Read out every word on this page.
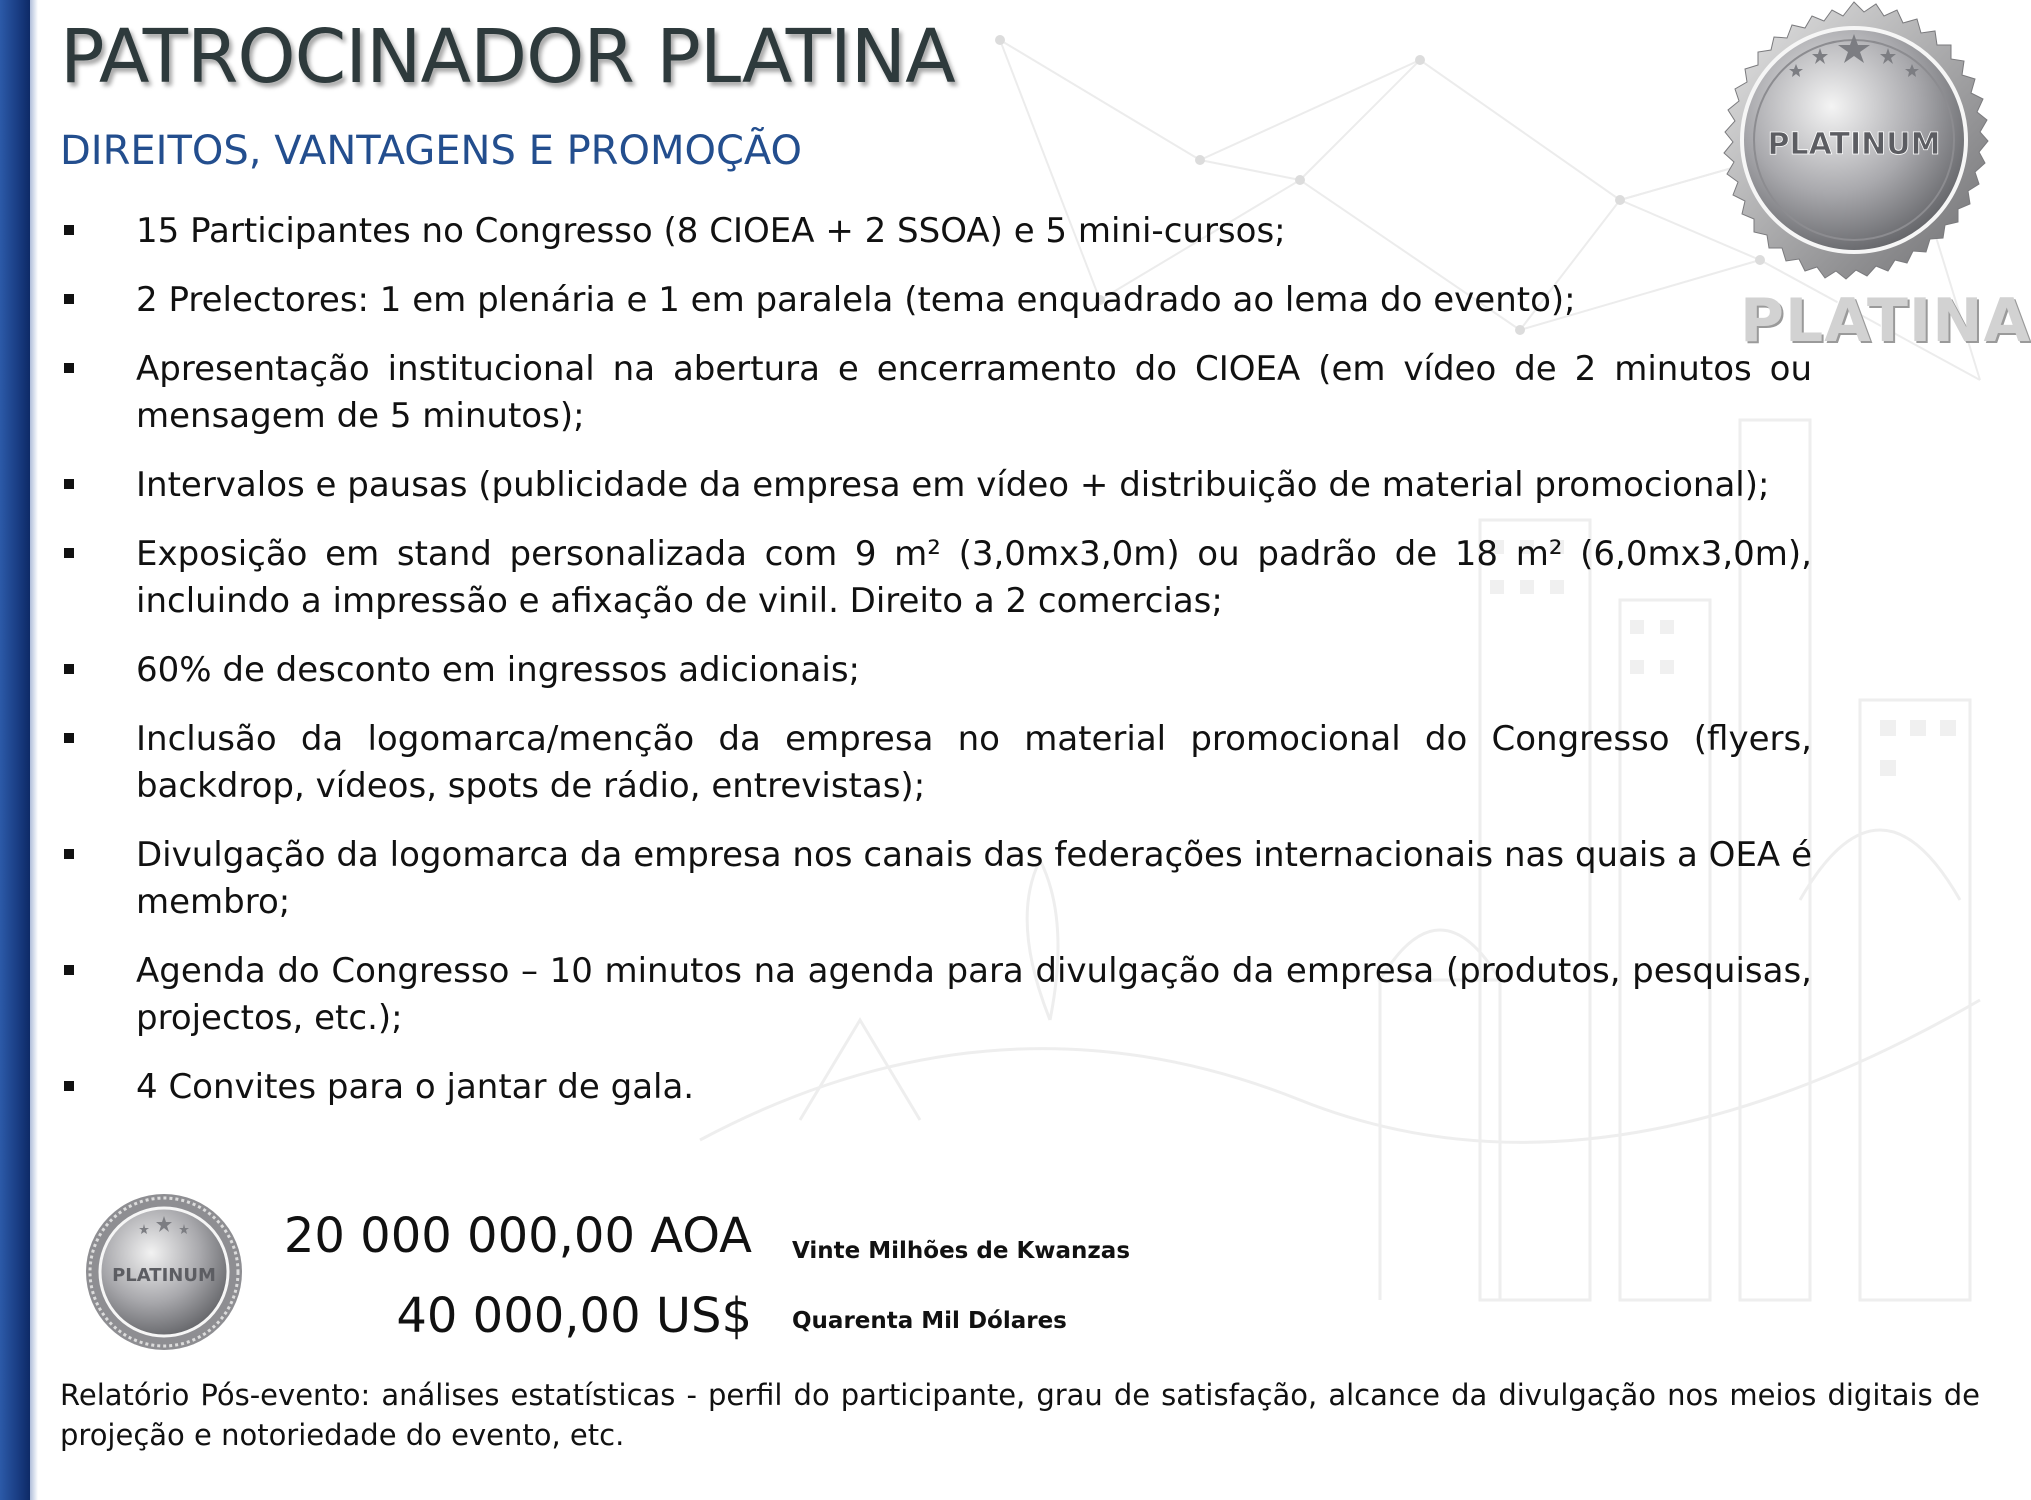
PATROCINADOR PLATINA
DIREITOS, VANTAGENS E PROMOÇÃO
15 Participantes no Congresso (8 CIOEA + 2 SSOA) e 5 mini-cursos;
2 Prelectores: 1 em plenária e 1 em paralela (tema enquadrado ao lema do evento);
Apresentação institucional na abertura e encerramento do CIOEA (em vídeo de 2 minutos ou mensagem de 5 minutos);
Intervalos e pausas (publicidade da empresa em vídeo + distribuição de material promocional);
Exposição em stand personalizada com 9 m² (3,0mx3,0m) ou padrão de 18 m² (6,0mx3,0m), incluindo a impressão e afixação de vinil. Direito a 2 comercias;
60% de desconto em ingressos adicionais;
Inclusão da logomarca/menção da empresa no material promocional do Congresso (flyers, backdrop, vídeos, spots de rádio, entrevistas);
Divulgação da logomarca da empresa nos canais das federações internacionais nas quais a OEA é membro;
Agenda do Congresso – 10 minutos na agenda para divulgação da empresa (produtos, pesquisas, projectos, etc.);
4 Convites para o jantar de gala.
PLATINUM
PLATINA
PLATINUM

20 000 000,00 AOA Vinte Milhões de Kwanzas

40 000,00 US$ Quarenta Mil Dólares

Relatório Pós-evento: análises estatísticas - perfil do participante, grau de satisfação, alcance da divulgação nos meios digitais de projeção e notoriedade do evento, etc.
